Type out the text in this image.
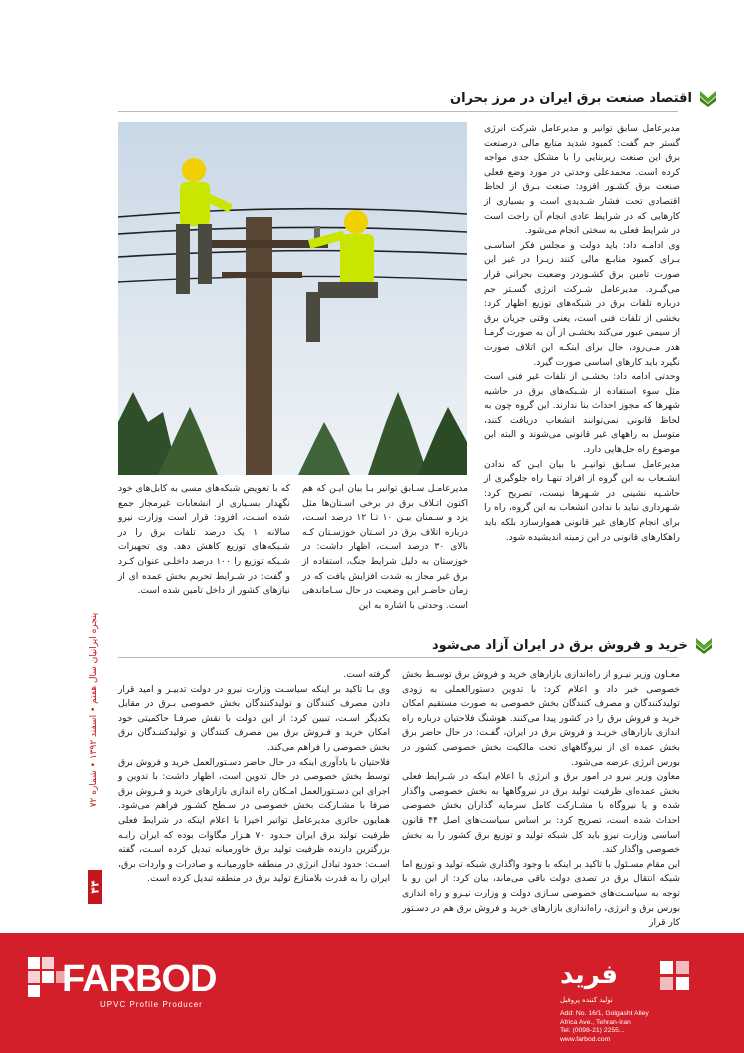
اقتصاد صنعت برق ایران در مرز بحران

مدیرعامل سابق توانیر و مدیرعامل شرکت انرژی گستر جم گفت: کمبود شدید منابع مالی درصنعت برق این صنعت زیربنایی را با مشکل جدی مواجه کرده است. محمدعلی وحدتی در مورد وضع فعلی صنعت برق کشـور افزود: صنعت بـرق از لحاظ اقتصادی تحت فشار شـدیدی است و بسیاری از کارهایی که در شرایط عادی انجام آن راحت است در شرایط فعلی به سختی انجام می‌شود.

وی ادامـه داد: باید دولت و مجلس فکر اساسـی بـرای کمبود منابـع مالی کنند زیـرا در غیر این صورت تامین برق کشـوردر وضعیت بحرانی قرار می‌گیـرد. مدیرعامل شـرکت انرژی گسـتر جم درباره تلفات برق در شبکه‌های توزیع اظهار کرد: بخشی از تلفات فنی است، یعنی وقتی جریان برق از سیمی عبور می‌کند بخشـی از آن به صورت گرمـا هدر مـی‌رود، حال برای اینکـه این اتلاف صورت نگیرد باید کارهای اساسی صورت گیرد.

وحدتی ادامه داد: بخشـی از تلفات غیر فنی است مثل سوء استفاده از شـبکه‌های برق در حاشیه شهرها که مجوز احداث بنا ندارند. این گروه چون به لحاظ قانونی نمی‌توانند انشعاب دریافت کنند، متوسل به راههای غیر قانونی می‌شوند و البته این موضوع راه حل‌هایی دارد.

مدیرعامل سـابق توانیـر با بیان ایـن که ندادن انشـعاب به این گروه از افراد تنهـا راه جلوگیری از حاشـیه نشینی در شـهرها نیست، تصریح کرد: شـهرداری نباید با ندادن انشعاب به این گروه، راه را برای انجام کارهای غیر قانونی هموارسازد بلکه باید راهکارهای قانونی در این زمینه اندیشیده شود.

مدیرعامـل سـابق توانیر بـا بیان ایـن که هم اکنون اتـلاف برق در برخی اسـتان‌ها مثل یزد و سـمنان بیـن ۱۰ تـا ۱۲ درصد اسـت، درباره اتلاف برق در اسـتان خوزسـتان کـه بالای ۳۰ درصد اسـت، اظهار داشت: در خوزستان به دلیل شرایط جنگ، استفاده از برق غیر مجاز به شدت افزایش یافت که در زمان حاضـر این وضعیت در حال سـاماندهی است. وحدتی با اشاره به این

که با تعویض شبکه‌های مسی به کابل‌های خود نگهدار بسـیاری از انشعابات غیرمجاز جمع شده اسـت، افزود: قرار است وزارت نیرو سالانه ۱ یک درصد تلفات برق را در شـبکه‌های توزیع کاهش دهد. وی تجهیزات شـبکه توزیع را ۱۰۰ درصد داخلـی عنوان کـرد و گفت: در شـرایط تحریم بخش عمده ای از نیازهای کشور از داخل تامین شده است.

خرید و فروش برق در ایران آزاد می‌شود

معـاون وزیر نیـرو از راه‌اندازی بازارهای خرید و فروش برق توسـط بخش خصوصی خبر داد و اعلام کرد: با تدوین دستورالعملی به زودی تولیدکنندگان و مصرف کنندگان بخش خصوصی به صورت مستقیم امکان خرید و فروش برق را در کشور پیدا می‌کنند. هوشنگ فلاحتیان درباره راه اندازی بازارهای خریـد و فروش برق در ایران، گفـت: در حال حاضر برق بخش عمده ای از نیروگاههای تحت مالکیت بخش خصوصی کشور در بورس انرژی عرضه می‌شود.

معاون وزیر نیرو در امور برق و انرژی با اعلام اینکه در شـرایط فعلی بخش عمده‌ای ظرفیت تولید برق در نیروگاهها به بخش خصوصی واگذار شده و یا نیروگاه با مشـارکت کامل سرمایه گذاران بخش خصوصی احداث شده است، تصریح کرد: بر اساس سیاست‌های اصل ۴۴ قانون اساسی وزارت نیرو باید کل شبکه تولید و توزیع برق کشور را به بخش خصوصی واگذار کند.

این مقام مسـئول با تاکید بر اینکه با وجود واگذاری شبکه تولید و توزیع اما شبکه انتقال برق در تصدی دولت باقی می‌ماند، بیان کرد: از این رو با توجه به سیاسـت‌های خصوصی سـازی دولت و وزارت نیـرو و راه اندازی بورس برق و انرژی، راه‌اندازی بازارهای خرید و فروش برق هم در دسـتور کار قرار

گرفته است.

وی بـا تاکید بر اینکه سیاسـت وزارت نیرو در دولت تدبیـر و امید قرار دادن مصرف کنندگان و تولیدکنندگان بخش خصوصی بـرق در مقابل یکدیگر اسـت، تبیین کرد: از این دولت با نقش صرفـا حاکمیتی خود امکان خرید و فـروش برق بین مصرف کنندگان و تولیدکننـدگان برق بخش خصوصی را فراهم می‌کند.

فلاحتیان با یادآوری اینکه در حال حاضر دسـتورالعمل خرید و فروش برق توسط بخش خصوصی در حال تدوین است، اظهار داشت: با تدوین و اجرای این دسـتورالعمل امـکان راه اندازی بازارهای خرید و فـروش برق صرفا با مشـارکت بخش خصوصی در سـطح کشـور فراهم می‌شود. همایون حائری مدیرعامل توانیر اخیرا با اعلام اینکه در شرایط فعلی ظرفیت تولید برق ایران حـدود ۷۰ هـزار مگاوات بوده که ایران رابـه بزرگترین دارنده ظرفیت تولید برق خاورمیانه تبدیل کرده اسـت، گفته اسـت: حدود تبادل انرژی در منطقه خاورمیانـه و صادرات و واردات برق، ایران را به قدرت بلامنازع تولید برق در منطقه تبدیل کرده است.

پنجره ایرانیان سال هفتم • اسفند ۱۳۹۲ • شماره ۷۲
۴۴
FARBOD
UPVC Profile Producer
فرید
تولید کننده پروفیل
Add: No. 16/1, Golgasht Alley
Africa Ave., Tehran-Iran
Tel: (0098-21) 2255...
www.farbod.com
